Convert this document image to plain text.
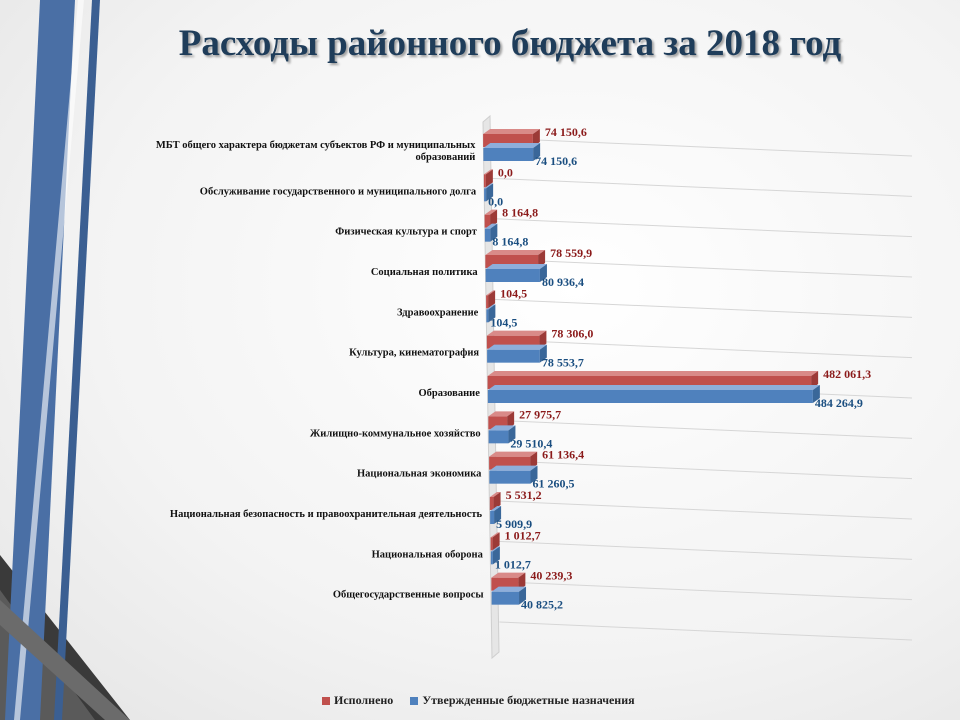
МБТ общего характера бюджетам субъектов РФ и муниципальных
образований
Обслуживание государственного и муниципального долга
Физическая культура и спорт
Социальная политика
Здравоохранение
Культура, кинематография
Образование
Жилищно-коммунальное хозяйство
Национальная экономика
Национальная безопасность и правоохранительная деятельность
Национальная оборона
Общегосударственные вопросы
74 150,6
74 150,6
0,0
0,0
8 164,8
8 164,8
78 559,9
80 936,4
104,5
104,5
78 306,0
78 553,7
482 061,3
484 264,9
27 975,7
29 510,4
61 136,4
61 260,5
5 531,2
5 909,9
1 012,7
1 012,7
40 239,3
40 825,2
Расходы районного бюджета за 2018 год
Исполнено Утвержденные бюджетные назначения
